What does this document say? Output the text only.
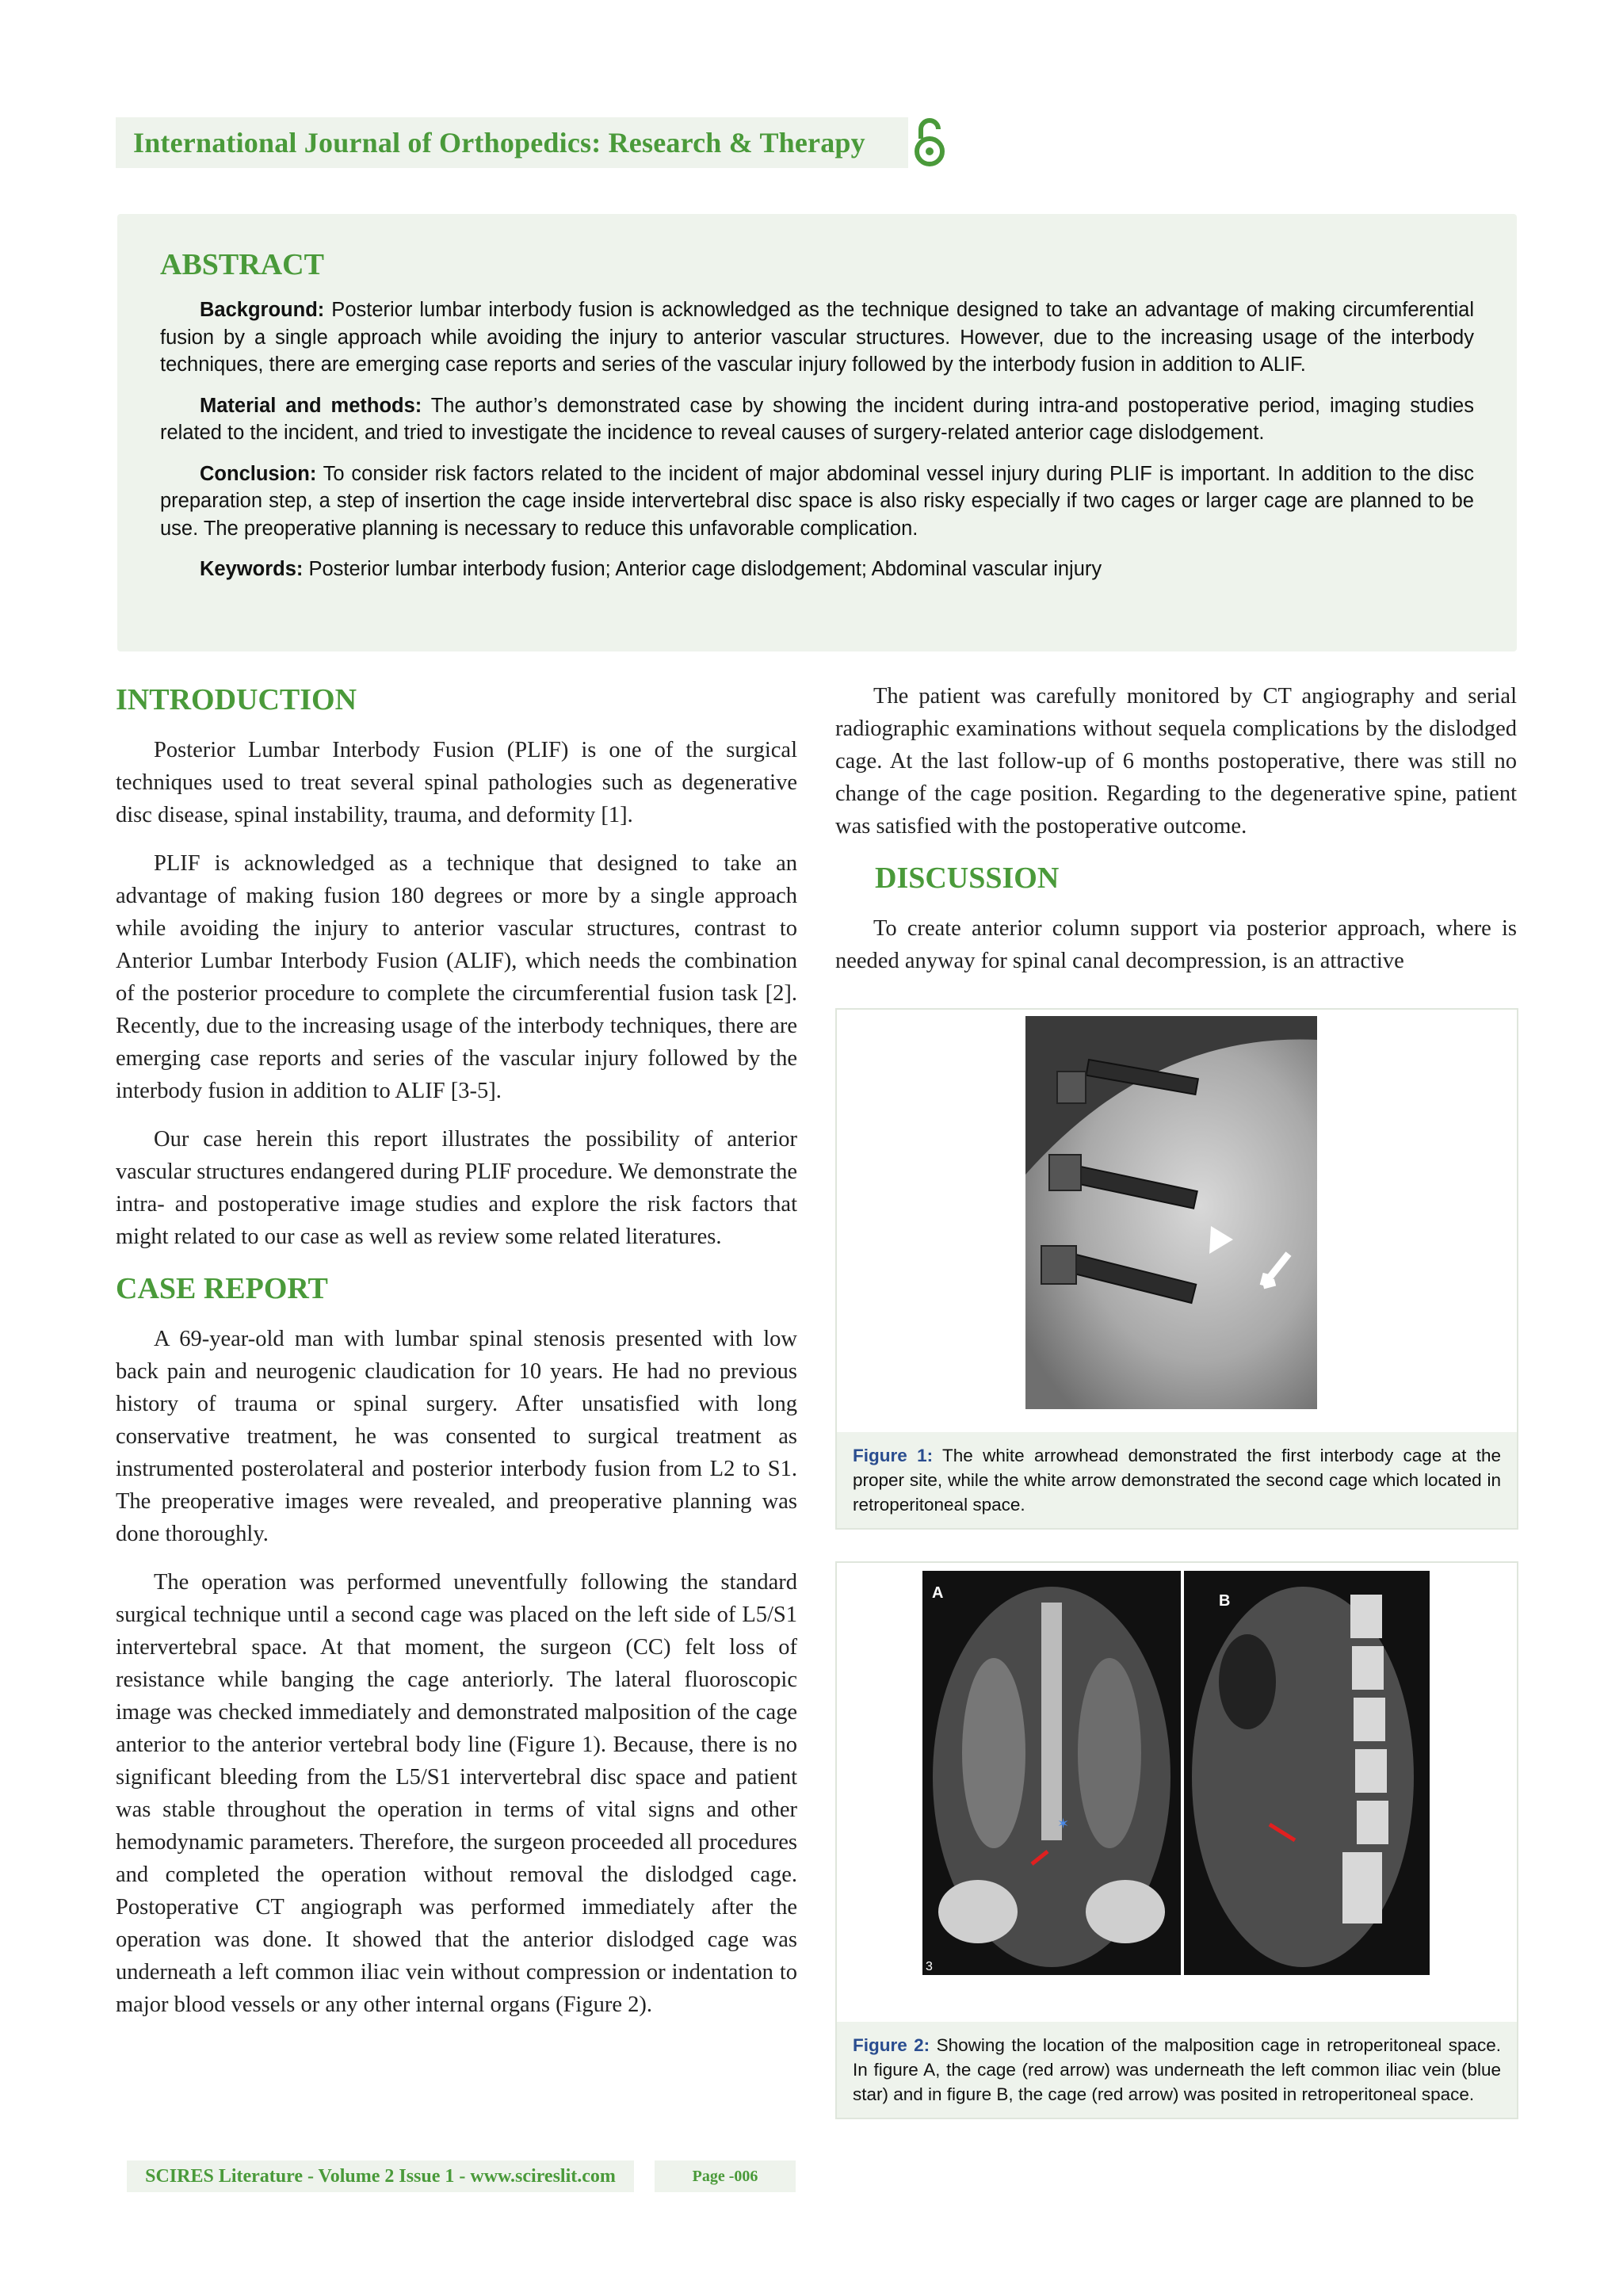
International Journal of Orthopedics: Research & Therapy
ABSTRACT

Background: Posterior lumbar interbody fusion is acknowledged as the technique designed to take an advantage of making circumferential fusion by a single approach while avoiding the injury to anterior vascular structures. However, due to the increasing usage of the interbody techniques, there are emerging case reports and series of the vascular injury followed by the interbody fusion in addition to ALIF.

Material and methods: The author’s demonstrated case by showing the incident during intra-and postoperative period, imaging studies related to the incident, and tried to investigate the incidence to reveal causes of surgery-related anterior cage dislodgement.

Conclusion: To consider risk factors related to the incident of major abdominal vessel injury during PLIF is important. In addition to the disc preparation step, a step of insertion the cage inside intervertebral disc space is also risky especially if two cages or larger cage are planned to be use. The preoperative planning is necessary to reduce this unfavorable complication.

Keywords: Posterior lumbar interbody fusion; Anterior cage dislodgement; Abdominal vascular injury

INTRODUCTION

Posterior Lumbar Interbody Fusion (PLIF) is one of the surgical techniques used to treat several spinal pathologies such as degenerative disc disease, spinal instability, trauma, and deformity [1].

PLIF is acknowledged as a technique that designed to take an advantage of making fusion 180 degrees or more by a single approach while avoiding the injury to anterior vascular structures, contrast to Anterior Lumbar Interbody Fusion (ALIF), which needs the combination of the posterior procedure to complete the circumferential fusion task [2]. Recently, due to the increasing usage of the interbody techniques, there are emerging case reports and series of the vascular injury followed by the interbody fusion in addition to ALIF [3-5].

Our case herein this report illustrates the possibility of anterior vascular structures endangered during PLIF procedure. We demonstrate the intra- and postoperative image studies and explore the risk factors that might related to our case as well as review some related literatures.

CASE REPORT

A 69-year-old man with lumbar spinal stenosis presented with low back pain and neurogenic claudication for 10 years. He had no previous history of trauma or spinal surgery. After unsatisfied with long conservative treatment, he was consented to surgical treatment as instrumented posterolateral and posterior interbody fusion from L2 to S1. The preoperative images were revealed, and preoperative planning was done thoroughly.

The operation was performed uneventfully following the standard surgical technique until a second cage was placed on the left side of L5/S1 intervertebral space. At that moment, the surgeon (CC) felt loss of resistance while banging the cage anteriorly. The lateral fluoroscopic image was checked immediately and demonstrated malposition of the cage anterior to the anterior vertebral body line (Figure 1). Because, there is no significant bleeding from the L5/S1 intervertebral disc space and patient was stable throughout the operation in terms of vital signs and other hemodynamic parameters. Therefore, the surgeon proceeded all procedures and completed the operation without removal the dislodged cage. Postoperative CT angiograph was performed immediately after the operation was done. It showed that the anterior dislodged cage was underneath a left common iliac vein without compression or indentation to major blood vessels or any other internal organs (Figure 2).

The patient was carefully monitored by CT angiography and serial radiographic examinations without sequela complications by the dislodged cage. At the last follow-up of 6 months postoperative, there was still no change of the cage position. Regarding to the degenerative spine, patient was satisfied with the postoperative outcome.

DISCUSSION

To create anterior column support via posterior approach, where is needed anyway for spinal canal decompression, is an attractive

Figure 1: The white arrowhead demonstrated the first interbody cage at the proper site, while the white arrow demonstrated the second cage which located in retroperitoneal space.
✶
A
3
B
Figure 2: Showing the location of the malposition cage in retroperitoneal space. In figure A, the cage (red arrow) was underneath the left common iliac vein (blue star) and in figure B, the cage (red arrow) was posited in retroperitoneal space.
SCIRES Literature - Volume 2 Issue 1 - www.scireslit.com	Page -006
